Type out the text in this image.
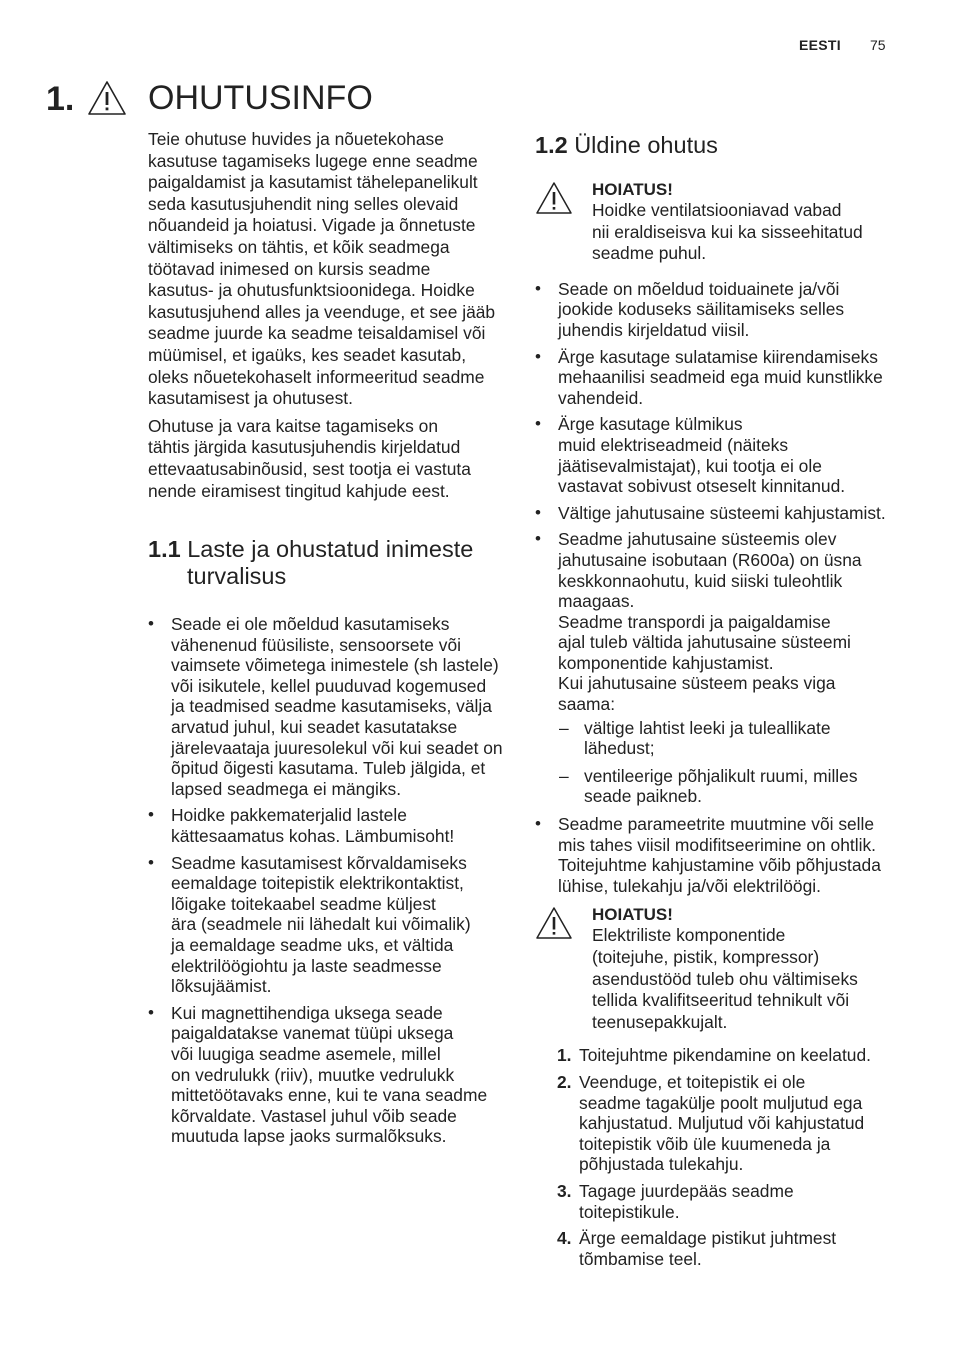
EESTI 75
1. OHUTUSINFO

Teie ohutuse huvides ja nõuetekohase
kasutuse tagamiseks lugege enne seadme
paigaldamist ja kasutamist tähelepanelikult
seda kasutusjuhendit ning selles olevaid
nõuandeid ja hoiatusi. Vigade ja õnnetuste
vältimiseks on tähtis, et kõik seadmega
töötavad inimesed on kursis seadme
kasutus- ja ohutusfunktsioonidega. Hoidke
kasutusjuhend alles ja veenduge, et see jääb
seadme juurde ka seadme teisaldamisel või
müümisel, et igaüks, kes seadet kasutab,
oleks nõuetekohaselt informeeritud seadme
kasutamisest ja ohutusest.

Ohutuse ja vara kaitse tagamiseks on
tähtis järgida kasutusjuhendis kirjeldatud
ettevaatusabinõusid, sest tootja ei vastuta
nende eiramisest tingitud kahjude eest.

1.1 Laste ja ohustatud inimeste
turvalisus
• Seade ei ole mõeldud kasutamiseks
vähenenud füüsiliste, sensoorsete või
vaimsete võimetega inimestele (sh lastele)
või isikutele, kellel puuduvad kogemused
ja teadmised seadme kasutamiseks, välja
arvatud juhul, kui seadet kasutatakse
järelevaataja juuresolekul või kui seadet on
õpitud õigesti kasutama. Tuleb jälgida, et
lapsed seadmega ei mängiks.
• Hoidke pakkematerjalid lastele
kättesaamatus kohas. Lämbumisoht!
• Seadme kasutamisest kõrvaldamiseks
eemaldage toitepistik elektrikontaktist,
lõigake toitekaabel seadme küljest
ära (seadmele nii lähedalt kui võimalik)
ja eemaldage seadme uks, et vältida
elektrilöögiohtu ja laste seadmesse
lõksujäämist.
• Kui magnettihendiga uksega seade
paigaldatakse vanemat tüüpi uksega
või luugiga seadme asemele, millel
on vedrulukk (riiv), muutke vedrulukk
mittetöötavaks enne, kui te vana seadme
kõrvaldate. Vastasel juhul võib seade
muutuda lapse jaoks surmalõksuks.
1.2 Üldine ohutus
HOIATUS!
Hoidke ventilatsiooniavad vabad
nii eraldiseisva kui ka sisseehitatud
seadme puhul.
• Seade on mõeldud toiduainete ja/või
jookide koduseks säilitamiseks selles
juhendis kirjeldatud viisil.
• Ärge kasutage sulatamise kiirendamiseks
mehaanilisi seadmeid ega muid kunstlikke
vahendeid.
• Ärge kasutage külmikus
muid elektriseadmeid (näiteks
jäätisevalmistajat), kui tootja ei ole
vastavat sobivust otseselt kinnitanud.
• Vältige jahutusaine süsteemi kahjustamist.
• Seadme jahutusaine süsteemis olev
jahutusaine isobutaan (R600a) on üsna
keskkonnaohutu, kuid siiski tuleohtlik
maagaas.
Seadme transpordi ja paigaldamise
ajal tuleb vältida jahutusaine süsteemi
komponentide kahjustamist.
Kui jahutusaine süsteem peaks viga
saama:
– vältige lahtist leeki ja tuleallikate
lähedust;
– ventileerige põhjalikult ruumi, milles
seade paikneb.
• Seadme parameetrite muutmine või selle
mis tahes viisil modifitseerimine on ohtlik.
Toitejuhtme kahjustamine võib põhjustada
lühise, tulekahju ja/või elektrilöögi.
HOIATUS!
Elektriliste komponentide
(toitejuhe, pistik, kompressor)
asendustööd tuleb ohu vältimiseks
tellida kvalifitseeritud tehnikult või
teenusepakkujalt.
1. Toitejuhtme pikendamine on keelatud.
2. Veenduge, et toitepistik ei ole
seadme tagakülje poolt muljutud ega
kahjustatud. Muljutud või kahjustatud
toitepistik võib üle kuumeneda ja
põhjustada tulekahju.
3. Tagage juurdepääs seadme
toitepistikule.
4. Ärge eemaldage pistikut juhtmest
tõmbamise teel.
